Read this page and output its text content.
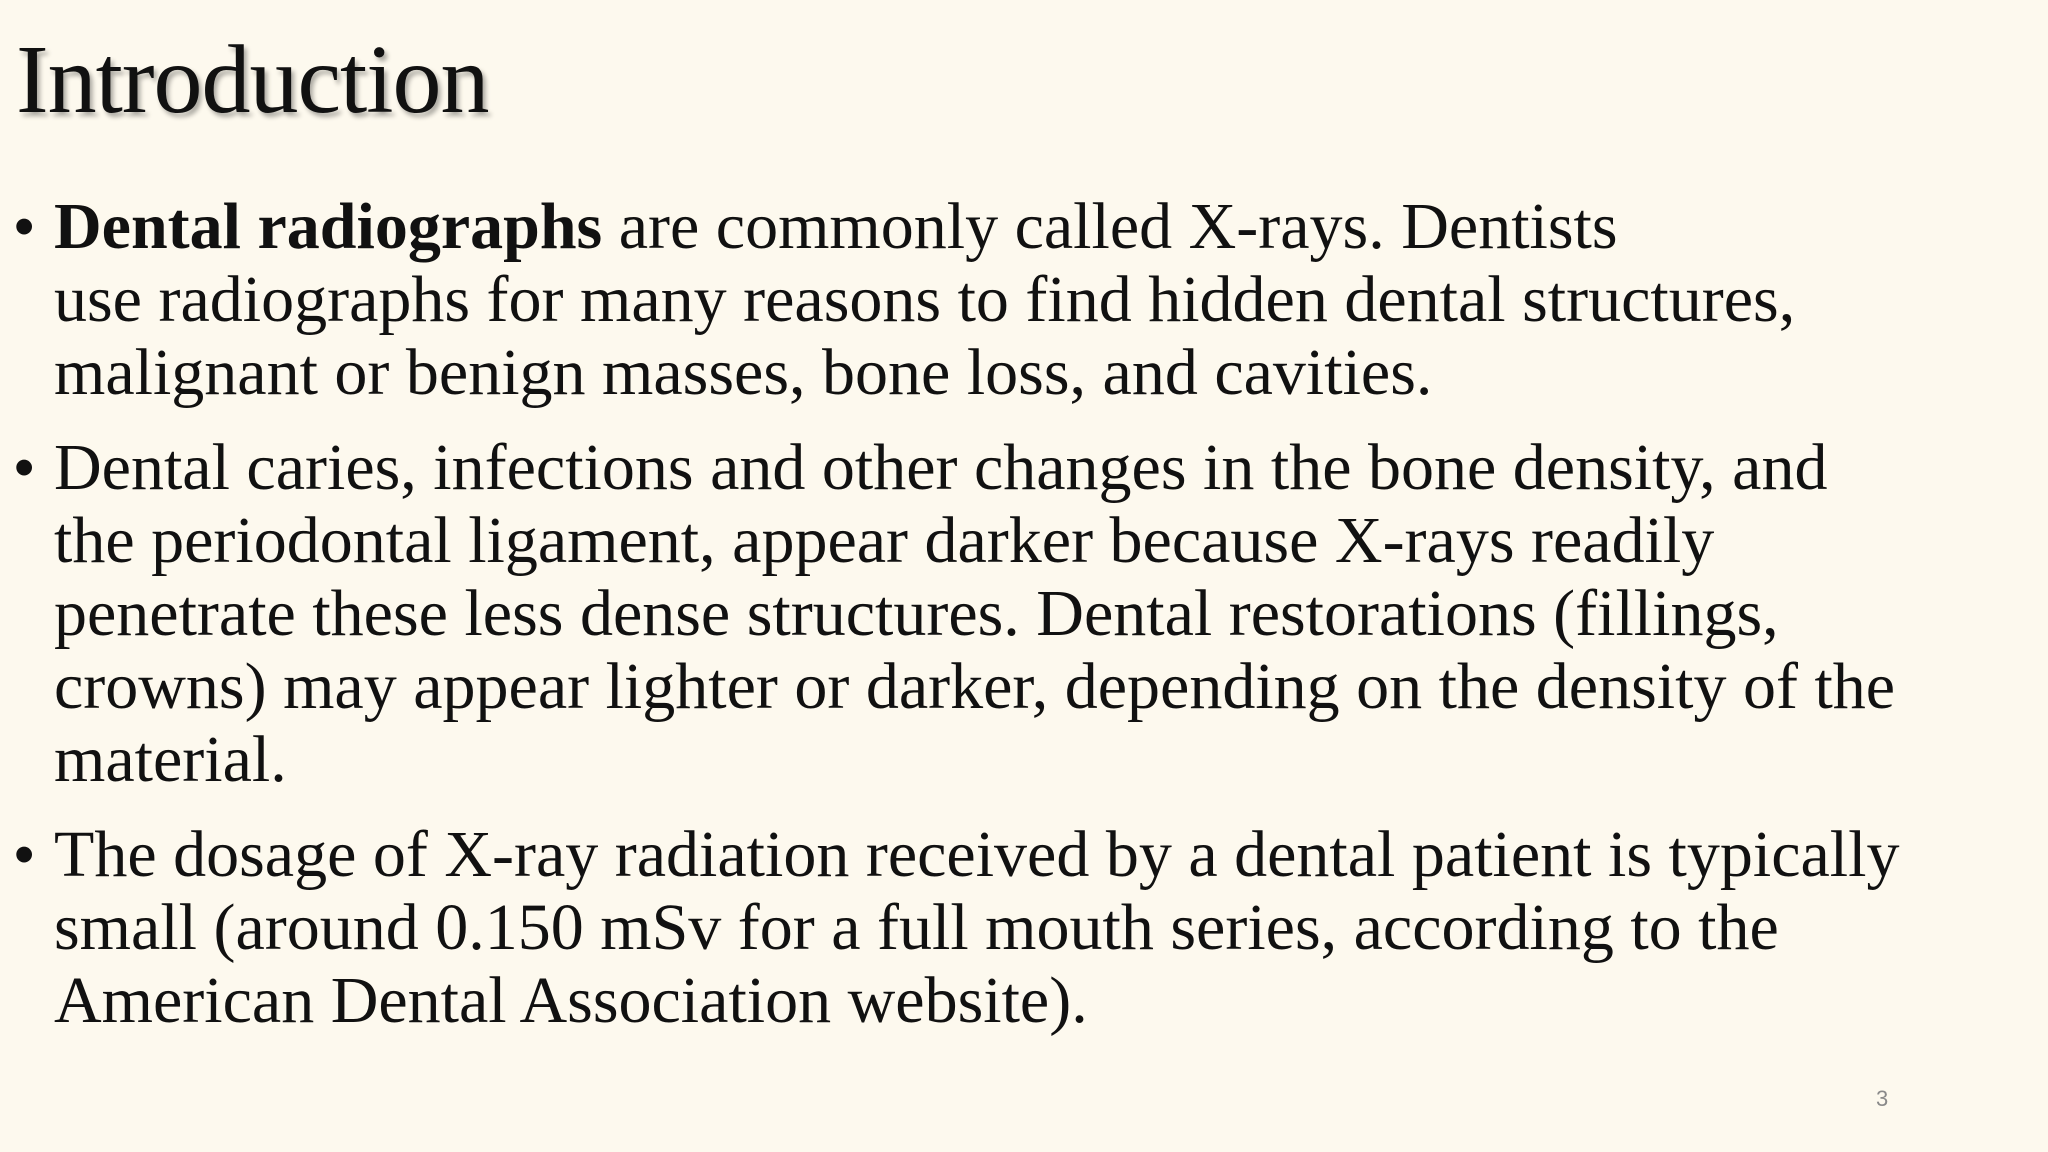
Introduction
• Dental radiographs are commonly called X-rays. Dentists
use radiographs for many reasons to find hidden dental structures,
malignant or benign masses, bone loss, and cavities.
• Dental caries, infections and other changes in the bone density, and
the periodontal ligament, appear darker because X-rays readily
penetrate these less dense structures. Dental restorations (fillings,
crowns) may appear lighter or darker, depending on the density of the
material.
• The dosage of X-ray radiation received by a dental patient is typically
small (around 0.150 mSv for a full mouth series, according to the
American Dental Association website).
3
